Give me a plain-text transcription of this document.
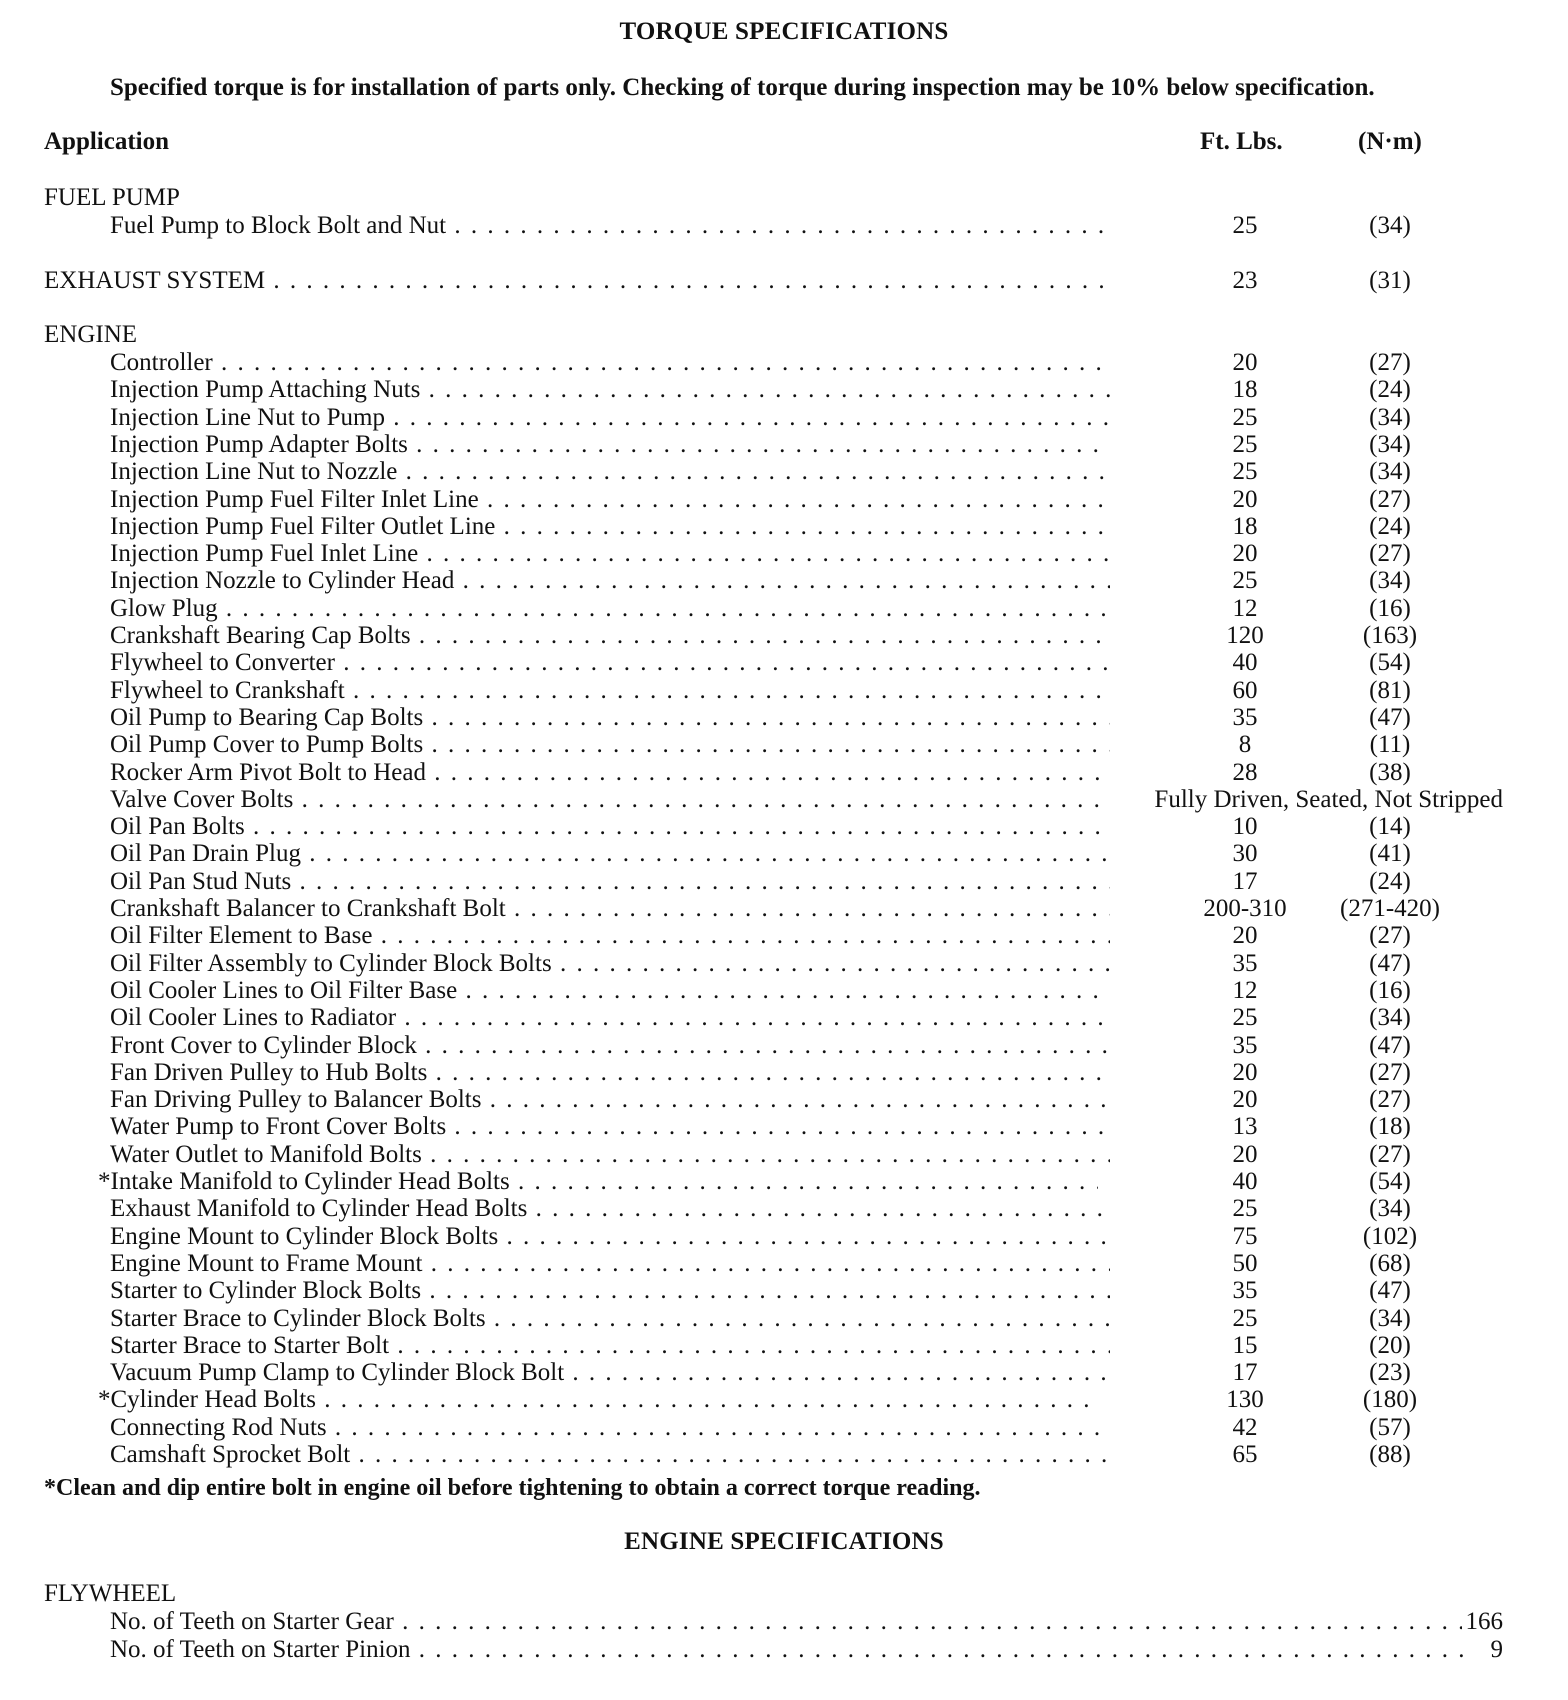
TORQUE SPECIFICATIONS
Specified torque is for installation of parts only. Checking of torque during inspection may be 10% below specification.
Application	Ft. Lbs.	(N·m)
FUEL PUMP
Fuel Pump to Block Bolt and Nut . . .	25	(34)
EXHAUST SYSTEM . . .	23	(31)
ENGINE
Controller . . .	20	(27)
Injection Pump Attaching Nuts . . .	18	(24)
Injection Line Nut to Pump . . .	25	(34)
Injection Pump Adapter Bolts . . .	25	(34)
Injection Line Nut to Nozzle . . .	25	(34)
Injection Pump Fuel Filter Inlet Line . . .	20	(27)
Injection Pump Fuel Filter Outlet Line . . .	18	(24)
Injection Pump Fuel Inlet Line . . .	20	(27)
Injection Nozzle to Cylinder Head . . .	25	(34)
Glow Plug . . .	12	(16)
Crankshaft Bearing Cap Bolts . . .	120	(163)
Flywheel to Converter . . .	40	(54)
Flywheel to Crankshaft . . .	60	(81)
Oil Pump to Bearing Cap Bolts . . .	35	(47)
Oil Pump Cover to Pump Bolts . . .	8	(11)
Rocker Arm Pivot Bolt to Head . . .	28	(38)
Valve Cover Bolts . . .	Fully Driven, Seated, Not Stripped
Oil Pan Bolts . . .	10	(14)
Oil Pan Drain Plug . . .	30	(41)
Oil Pan Stud Nuts . . .	17	(24)
Crankshaft Balancer to Crankshaft Bolt . . .	200-310	(271-420)
Oil Filter Element to Base . . .	20	(27)
Oil Filter Assembly to Cylinder Block Bolts . . .	35	(47)
Oil Cooler Lines to Oil Filter Base . . .	12	(16)
Oil Cooler Lines to Radiator . . .	25	(34)
Front Cover to Cylinder Block . . .	35	(47)
Fan Driven Pulley to Hub Bolts . . .	20	(27)
Fan Driving Pulley to Balancer Bolts . . .	20	(27)
Water Pump to Front Cover Bolts . . .	13	(18)
Water Outlet to Manifold Bolts . . .	20	(27)
*Intake Manifold to Cylinder Head Bolts . . .	40	(54)
Exhaust Manifold to Cylinder Head Bolts . . .	25	(34)
Engine Mount to Cylinder Block Bolts . . .	75	(102)
Engine Mount to Frame Mount . . .	50	(68)
Starter to Cylinder Block Bolts . . .	35	(47)
Starter Brace to Cylinder Block Bolts . . .	25	(34)
Starter Brace to Starter Bolt . . .	15	(20)
Vacuum Pump Clamp to Cylinder Block Bolt . . .	17	(23)
*Cylinder Head Bolts . . .	130	(180)
Connecting Rod Nuts . . .	42	(57)
Camshaft Sprocket Bolt . . .	65	(88)
*Clean and dip entire bolt in engine oil before tightening to obtain a correct torque reading.
ENGINE SPECIFICATIONS
FLYWHEEL
No. of Teeth on Starter Gear . . .	166
No. of Teeth on Starter Pinion . . .	9
